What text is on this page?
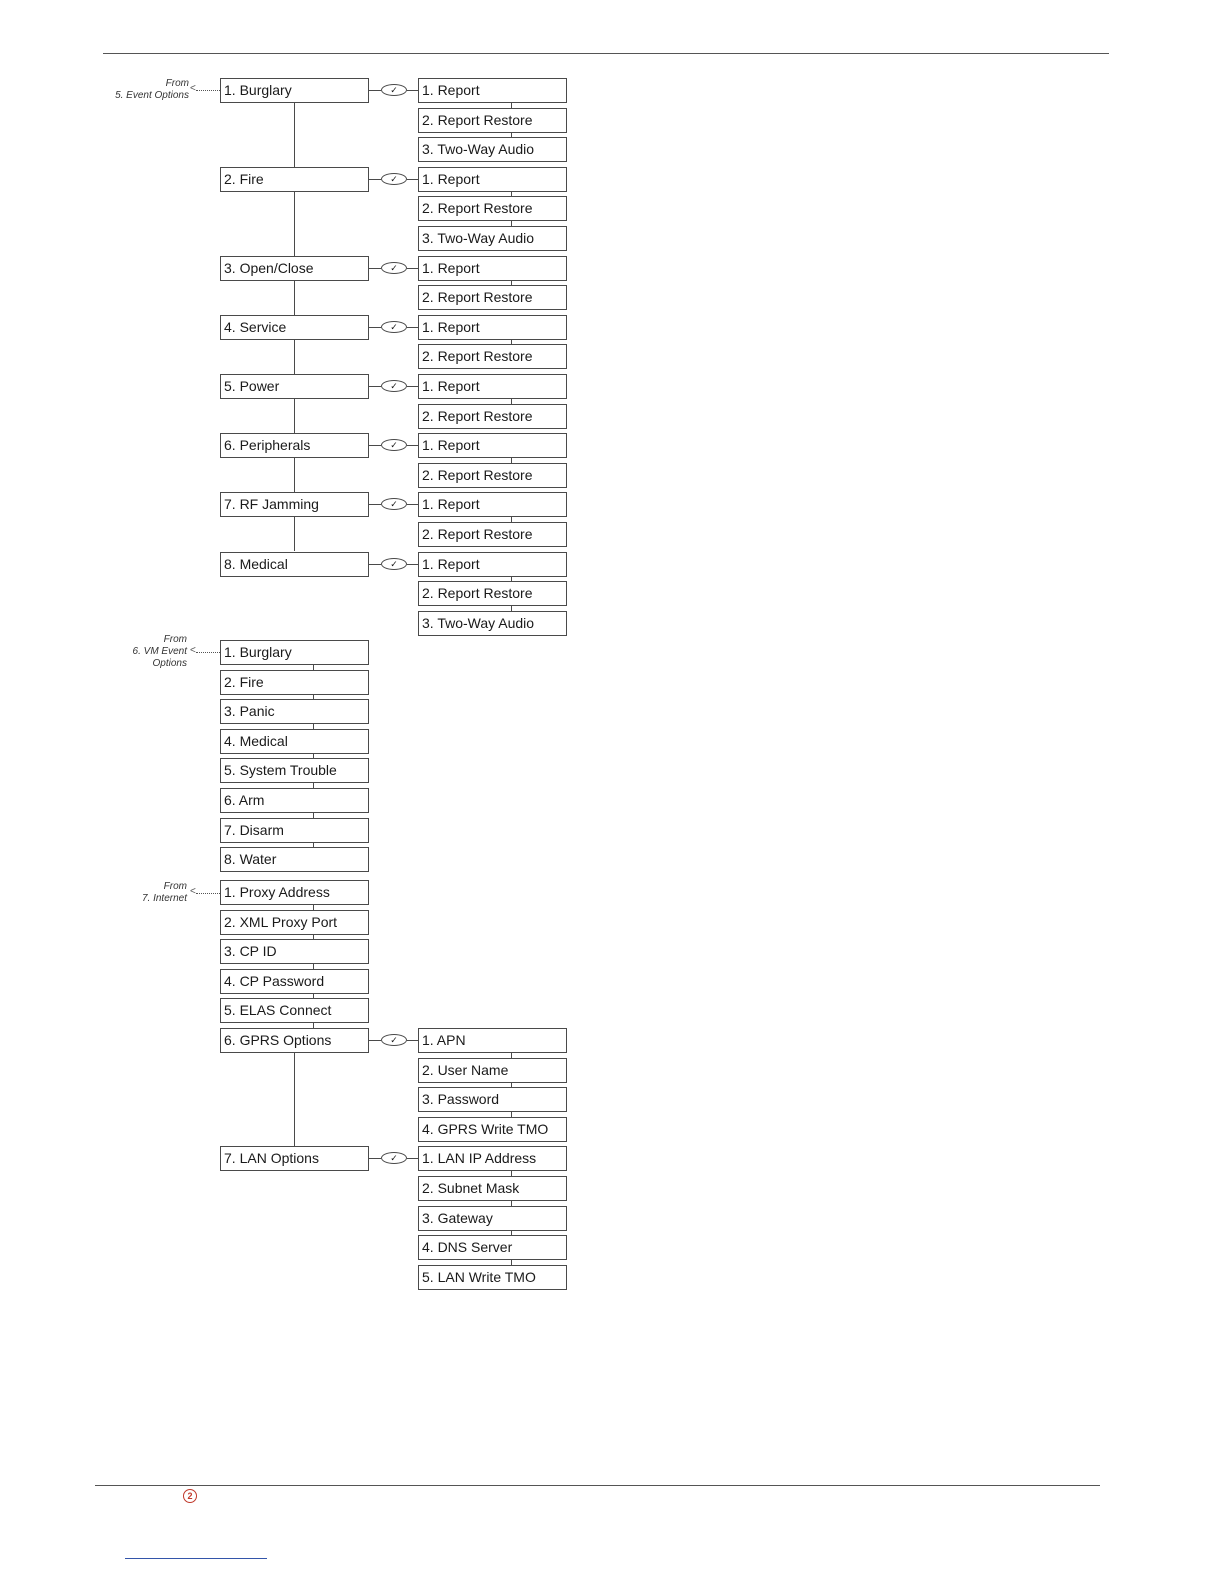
From
5. Event Options
<
From
6. VM Event
Options
<
From
7. Internet
<
1. Burglary	✓	1. Report
2. Report Restore
3. Two-Way Audio
2. Fire	✓	1. Report
2. Report Restore
3. Two-Way Audio
3. Open/Close	✓	1. Report
2. Report Restore
4. Service	✓	1. Report
2. Report Restore
5. Power	✓	1. Report
2. Report Restore
6. Peripherals	✓	1. Report
2. Report Restore
7. RF Jamming	✓	1. Report
2. Report Restore
8. Medical	✓	1. Report
2. Report Restore
3. Two-Way Audio
1. Burglary
2. Fire
3. Panic
4. Medical
5. System Trouble
6. Arm
7. Disarm
8. Water
1. Proxy Address
2. XML Proxy Port
3. CP ID
4. CP Password
5. ELAS Connect
6. GPRS Options	✓	1. APN
2. User Name
3. Password
4. GPRS Write TMO
7. LAN Options	✓	1. LAN IP Address
2. Subnet Mask
3. Gateway
4. DNS Server
5. LAN Write TMO
2
